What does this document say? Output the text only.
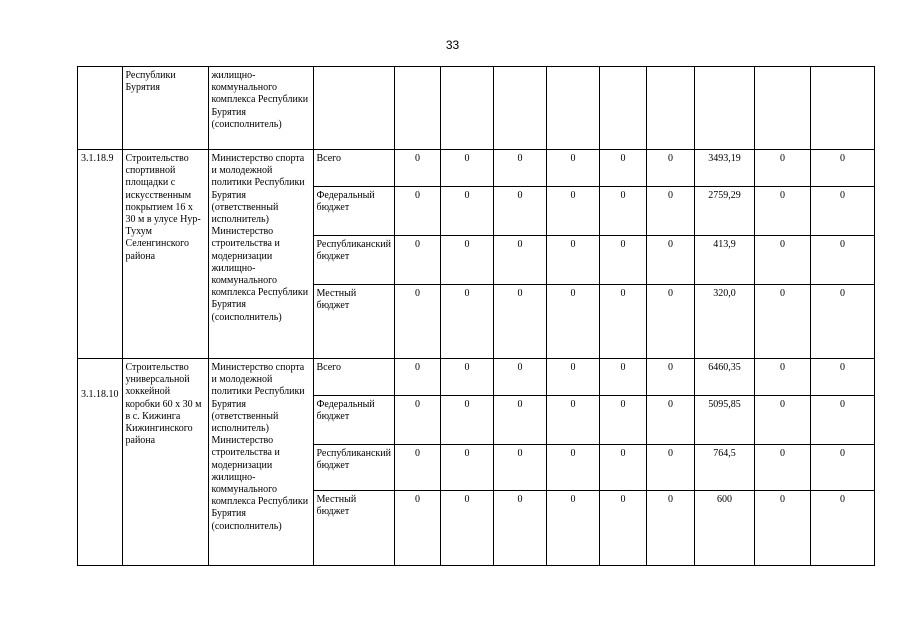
33
	Республики Бурятия	жилищно-коммунального комплекса Республики Бурятия (соисполнитель)										
3.1.18.9	Строительство спортивной площадки с искусственным покрытием 16 х 30 м в улусе Нур-Тухум Селенгинского района	Министерство спорта и молодежной политики Республики Бурятия (ответственный исполнитель) Министерство строительства и модернизации жилищно-коммунального комплекса Республики Бурятия (соисполнитель)	Всего	0	0	0	0	0	0	3493,19	0	0
			Федеральный бюджет	0	0	0	0	0	0	2759,29	0	0
			Республиканский бюджет	0	0	0	0	0	0	413,9	0	0
			Местный бюджет	0	0	0	0	0	0	320,0	0	0
3.1.18.10	Строительство универсальной хоккейной коробки 60 х 30 м в с. Кижинга Кижингинского района	Министерство спорта и молодежной политики Республики Бурятия (ответственный исполнитель) Министерство строительства и модернизации жилищно-коммунального комплекса Республики Бурятия (соисполнитель)	Всего	0	0	0	0	0	0	6460,35	0	0
			Федеральный бюджет	0	0	0	0	0	0	5095,85	0	0
			Республиканский бюджет	0	0	0	0	0	0	764,5	0	0
			Местный бюджет	0	0	0	0	0	0	600	0	0
